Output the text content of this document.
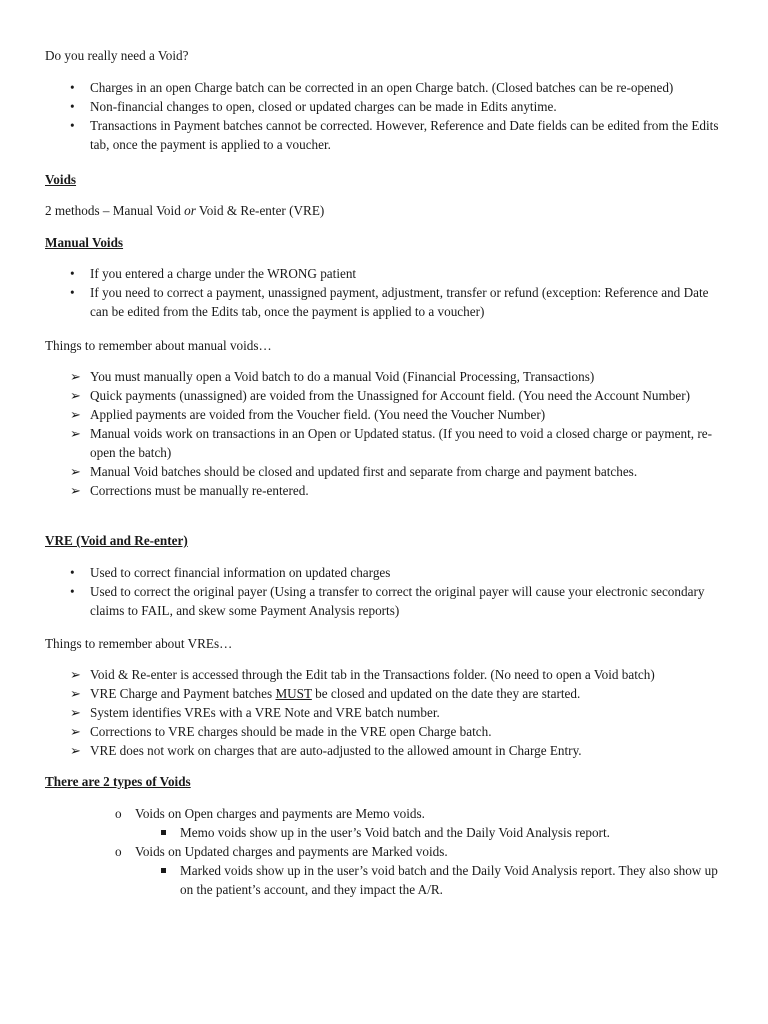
Do you really need a Void?

•	Charges in an open Charge batch can be corrected in an open Charge batch. (Closed batches can be re-opened)
•	Non-financial changes to open, closed or updated charges can be made in Edits anytime.
•	Transactions in Payment batches cannot be corrected. However, Reference and Date fields can be edited from the Edits tab, once the payment is applied to a voucher.

Voids

2 methods – Manual Void or Void & Re-enter (VRE)

Manual Voids

•	If you entered a charge under the WRONG patient
•	If you need to correct a payment, unassigned payment, adjustment, transfer or refund (exception: Reference and Date can be edited from the Edits tab, once the payment is applied to a voucher)

Things to remember about manual voids…

➢ You must manually open a Void batch to do a manual Void (Financial Processing, Transactions)
➢ Quick payments (unassigned) are voided from the Unassigned for Account field. (You need the Account Number)
➢ Applied payments are voided from the Voucher field. (You need the Voucher Number)
➢ Manual voids work on transactions in an Open or Updated status. (If you need to void a closed charge or payment, re-open the batch)
➢ Manual Void batches should be closed and updated first and separate from charge and payment batches.
➢ Corrections must be manually re-entered.

VRE (Void and Re-enter)

•	Used to correct financial information on updated charges
•	Used to correct the original payer (Using a transfer to correct the original payer will cause your electronic secondary claims to FAIL, and skew some Payment Analysis reports)

Things to remember about VREs…

➢ Void & Re-enter is accessed through the Edit tab in the Transactions folder. (No need to open a Void batch)
➢ VRE Charge and Payment batches MUST be closed and updated on the date they are started.
➢ System identifies VREs with a VRE Note and VRE batch number.
➢ Corrections to VRE charges should be made in the VRE open Charge batch.
➢ VRE does not work on charges that are auto-adjusted to the allowed amount in Charge Entry.

There are 2 types of Voids

o	Voids on Open charges and payments are Memo voids.
Memo voids show up in the user’s Void batch and the Daily Void Analysis report.
o	Voids on Updated charges and payments are Marked voids.
Marked voids show up in the user’s void batch and the Daily Void Analysis report. They also show up on the patient’s account, and they impact the A/R.
